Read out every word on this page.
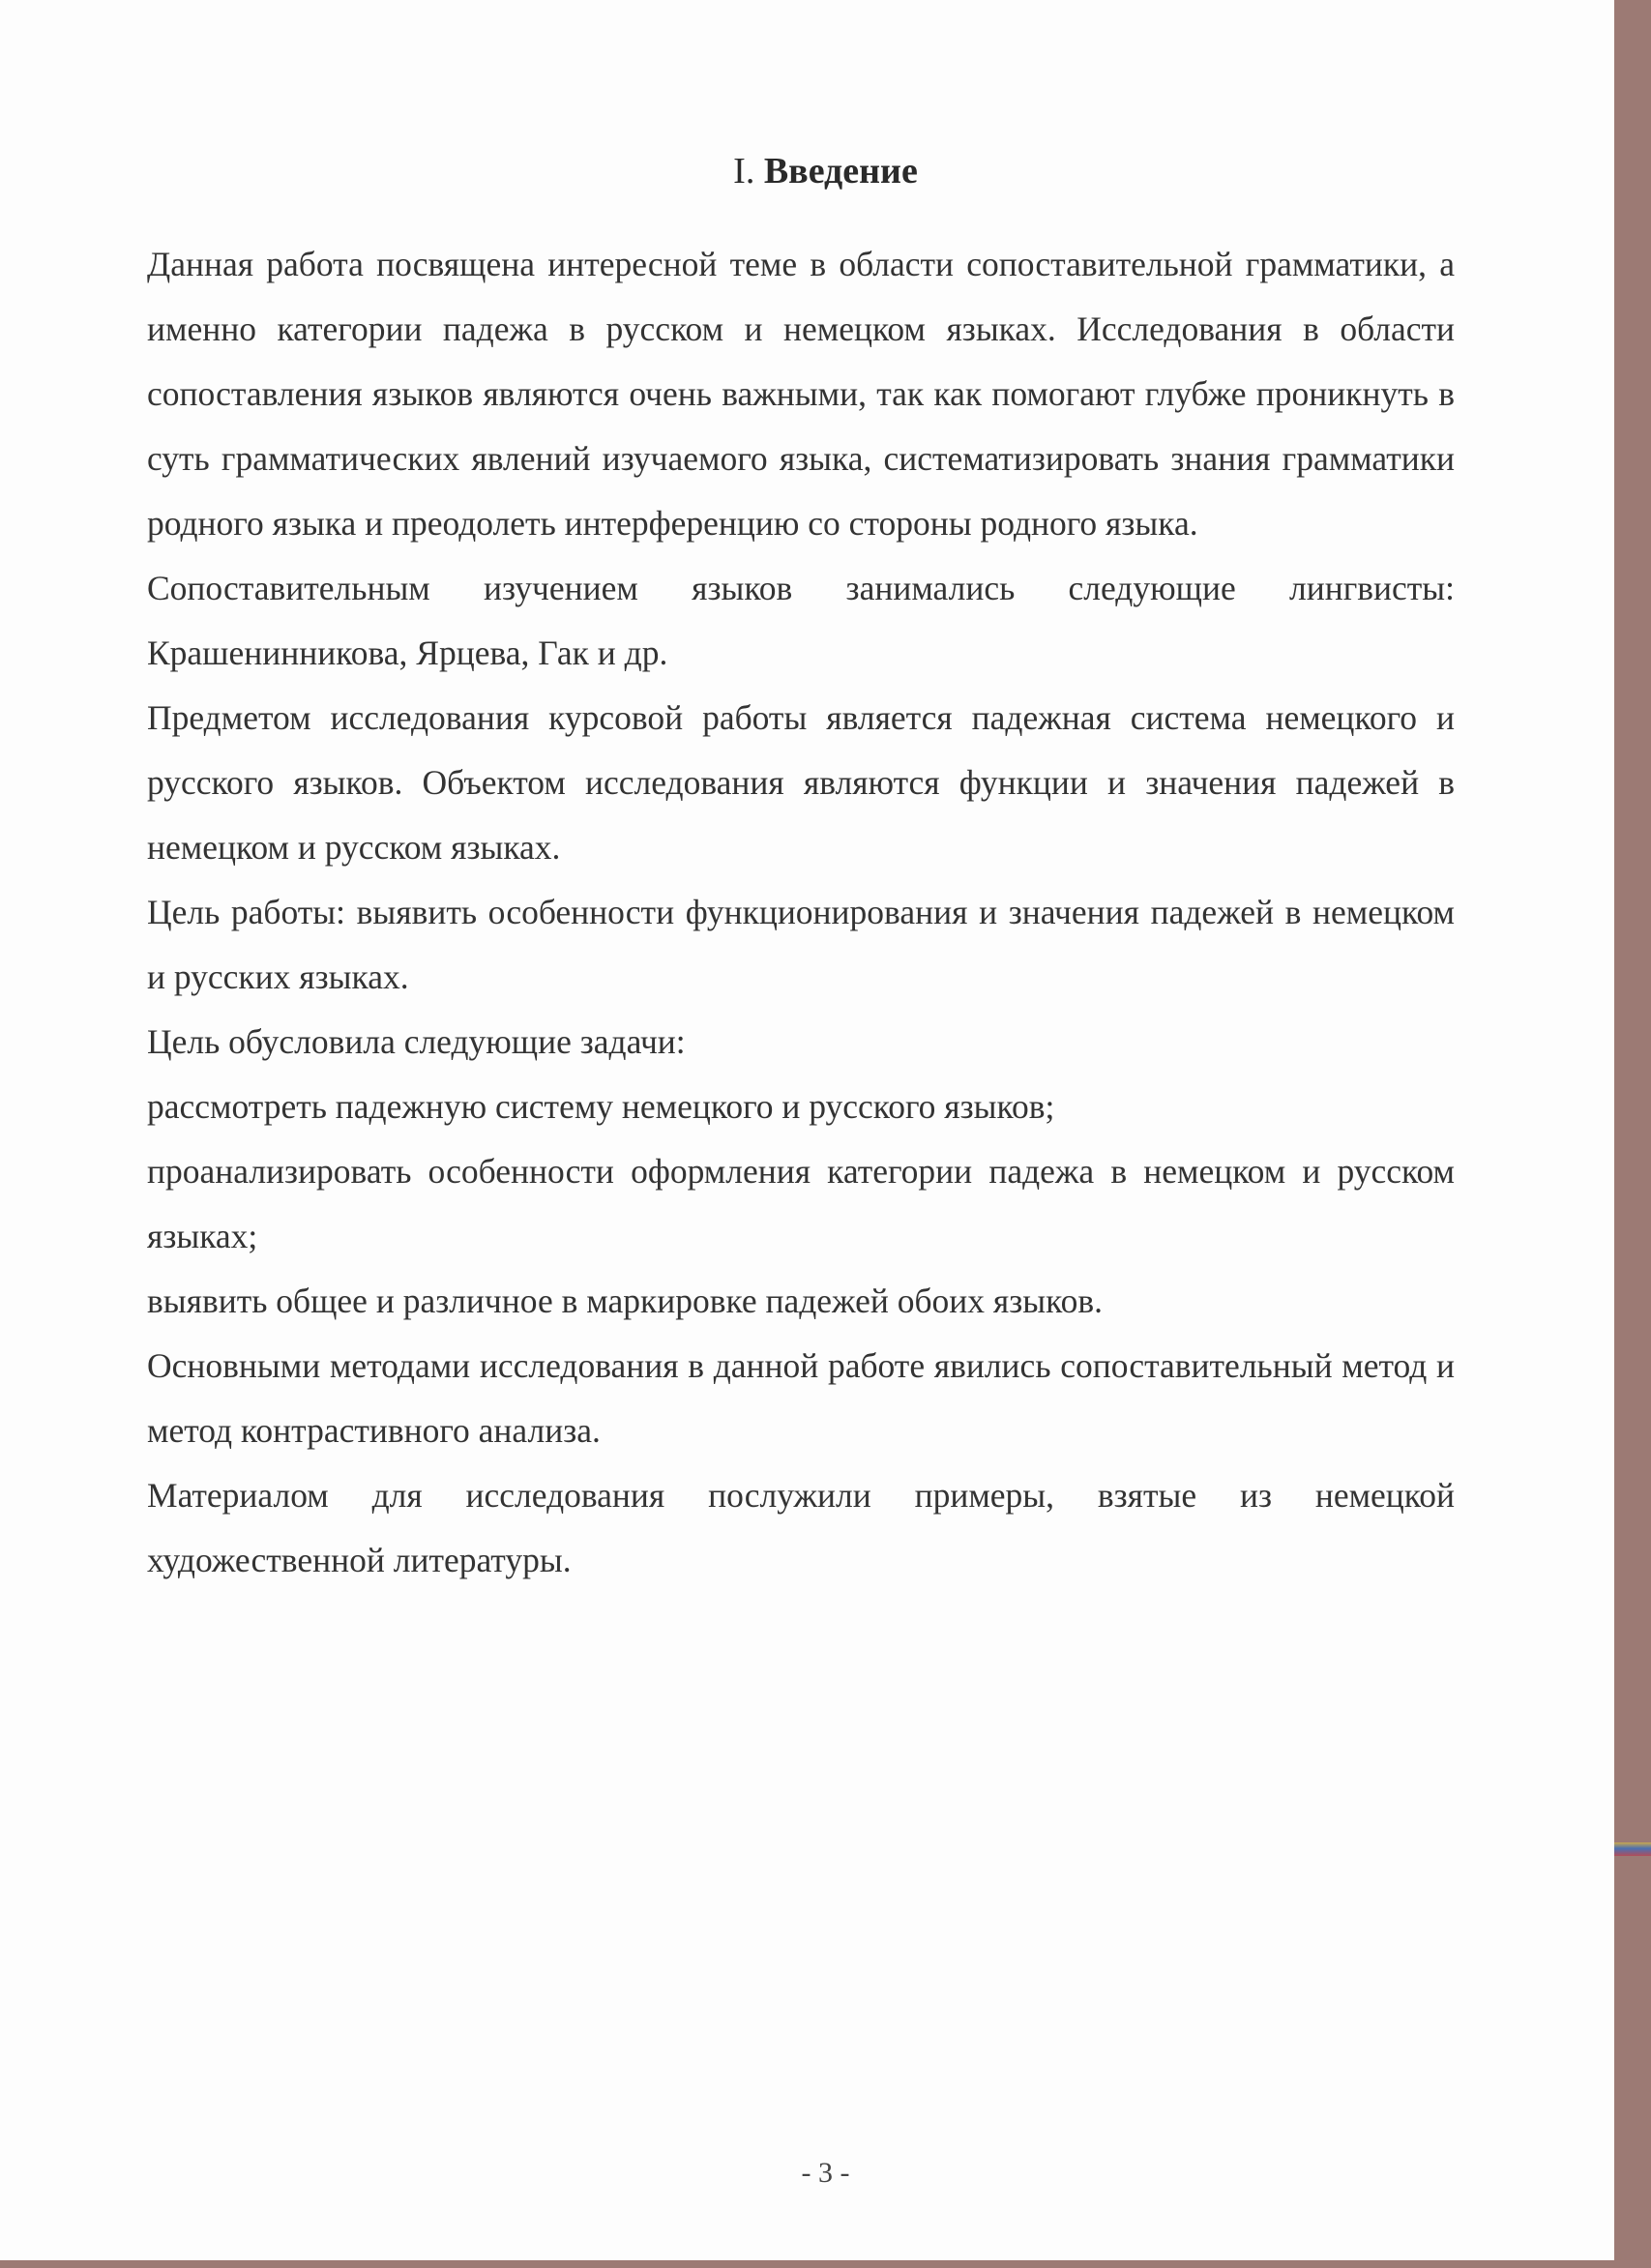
I. Введение

Данная работа посвящена интересной теме в области сопоставительной грамматики, а именно категории падежа в русском и немецком языках. Исследования в области сопоставления языков являются очень важными, так как помогают глубже проникнуть в суть грамматических явлений изучаемого языка, систематизировать знания грамматики родного языка и преодолеть интерференцию со стороны родного языка.

Сопоставительным изучением языков занимались следующие лингвисты: Крашенинникова, Ярцева, Гак и др.

Предметом исследования курсовой работы является падежная система немецкого и русского языков. Объектом исследования являются функции и значения падежей в немецком и русском языках.

Цель работы: выявить особенности функционирования и значения падежей в немецком и русских языках.

Цель обусловила следующие задачи:

рассмотреть падежную систему немецкого и русского языков;

проанализировать особенности оформления категории падежа в немецком и русском языках;

выявить общее и различное в маркировке падежей обоих языков.

Основными методами исследования в данной работе явились сопоставительный метод и метод контрастивного анализа.

Материалом для исследования послужили примеры, взятые из немецкой художественной литературы.

- 3 -
